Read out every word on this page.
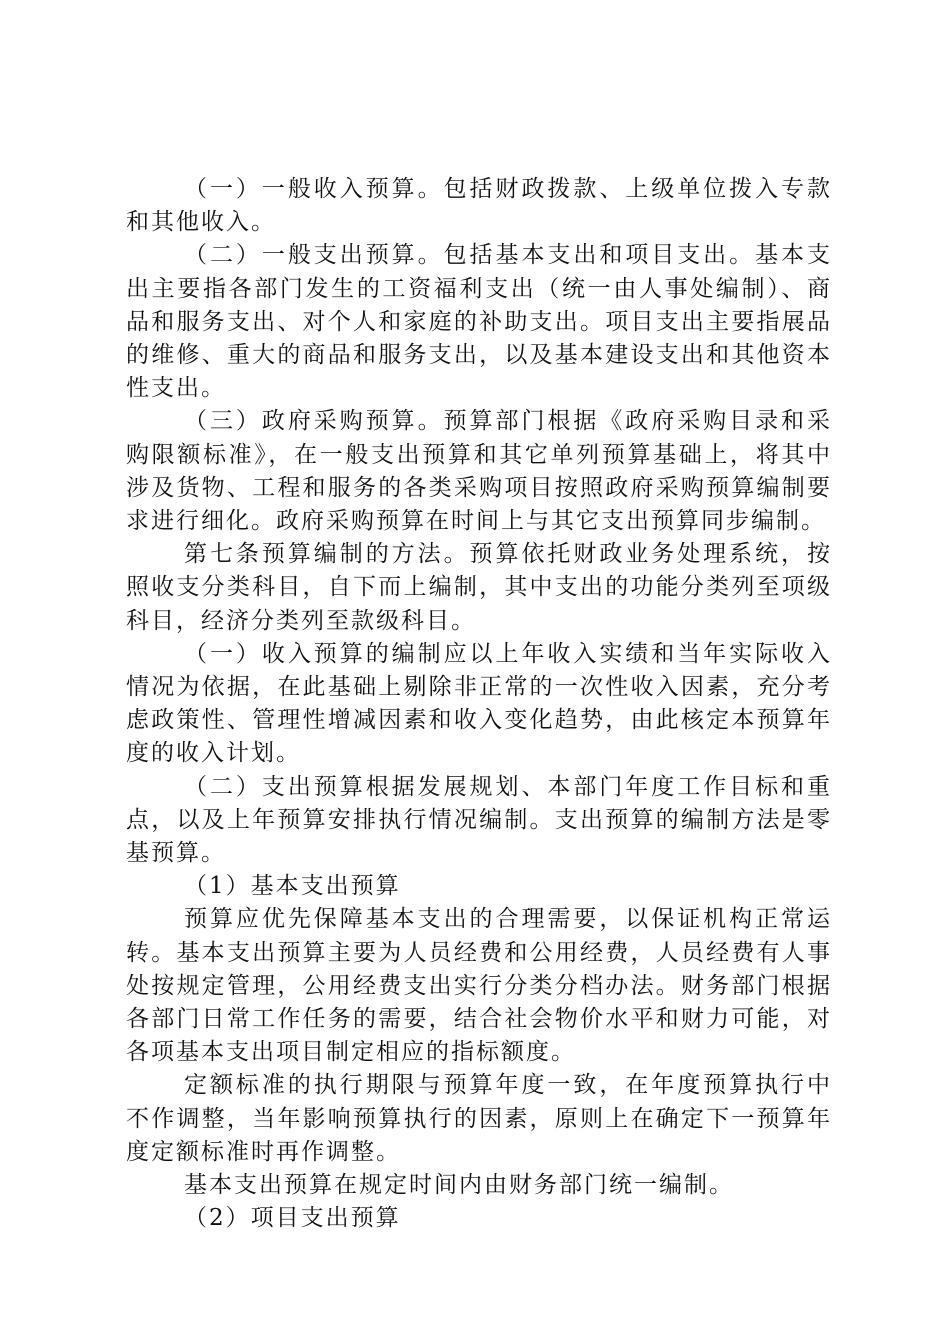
（一）一般收入预算。包括财政拨款、上级单位拨入专款和其他收入。

（二）一般支出预算。包括基本支出和项目支出。基本支出主要指各部门发生的工资福利支出（统一由人事处编制）、商品和服务支出、对个人和家庭的补助支出。项目支出主要指展品的维修、重大的商品和服务支出，以及基本建设支出和其他资本性支出。

（三）政府采购预算。预算部门根据《政府采购目录和采购限额标准》，在一般支出预算和其它单列预算基础上，将其中涉及货物、工程和服务的各类采购项目按照政府采购预算编制要求进行细化。政府采购预算在时间上与其它支出预算同步编制。

第七条预算编制的方法。预算依托财政业务处理系统，按照收支分类科目，自下而上编制，其中支出的功能分类列至项级科目，经济分类列至款级科目。

（一）收入预算的编制应以上年收入实绩和当年实际收入情况为依据，在此基础上剔除非正常的一次性收入因素，充分考虑政策性、管理性增减因素和收入变化趋势，由此核定本预算年度的收入计划。

（二）支出预算根据发展规划、本部门年度工作目标和重点，以及上年预算安排执行情况编制。支出预算的编制方法是零基预算。

（1）基本支出预算

预算应优先保障基本支出的合理需要，以保证机构正常运转。基本支出预算主要为人员经费和公用经费，人员经费有人事处按规定管理，公用经费支出实行分类分档办法。财务部门根据各部门日常工作任务的需要，结合社会物价水平和财力可能，对各项基本支出项目制定相应的指标额度。

定额标准的执行期限与预算年度一致，在年度预算执行中不作调整，当年影响预算执行的因素，原则上在确定下一预算年度定额标准时再作调整。

基本支出预算在规定时间内由财务部门统一编制。

（2）项目支出预算
